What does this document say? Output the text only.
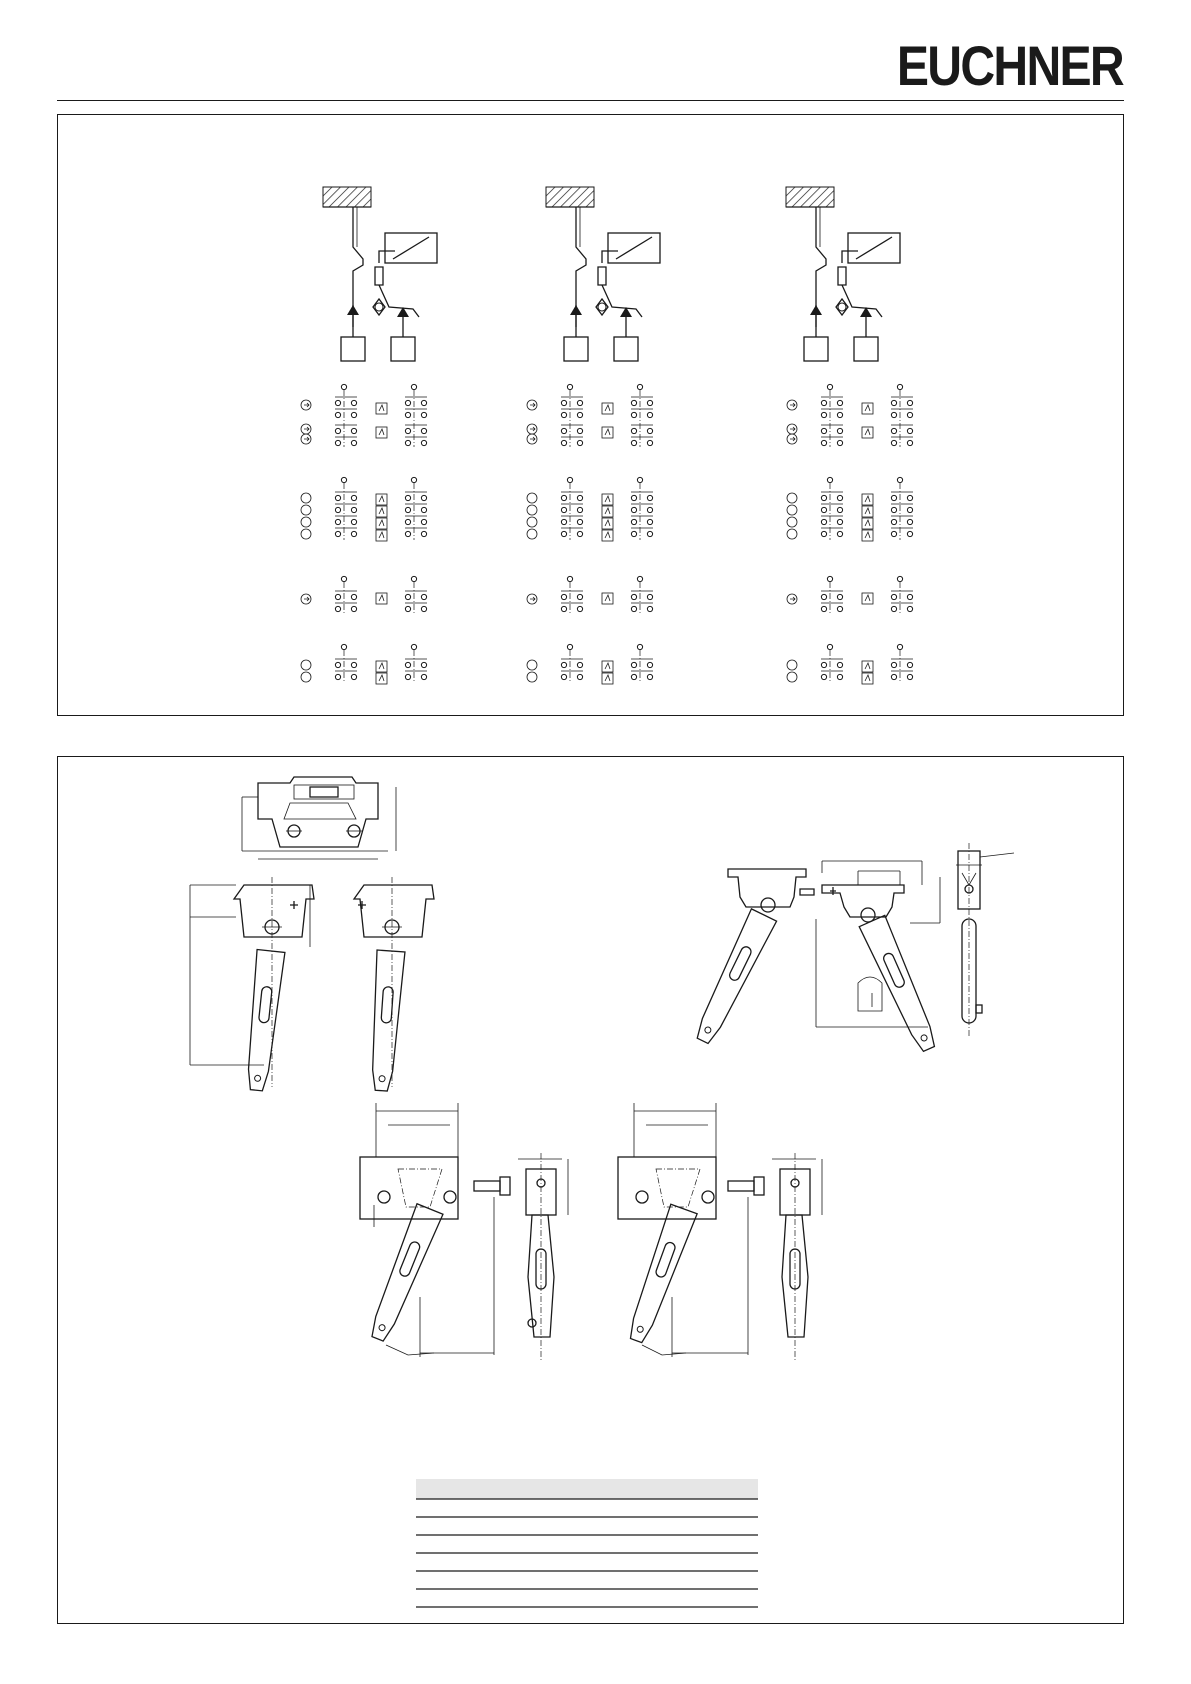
EUCHNER
